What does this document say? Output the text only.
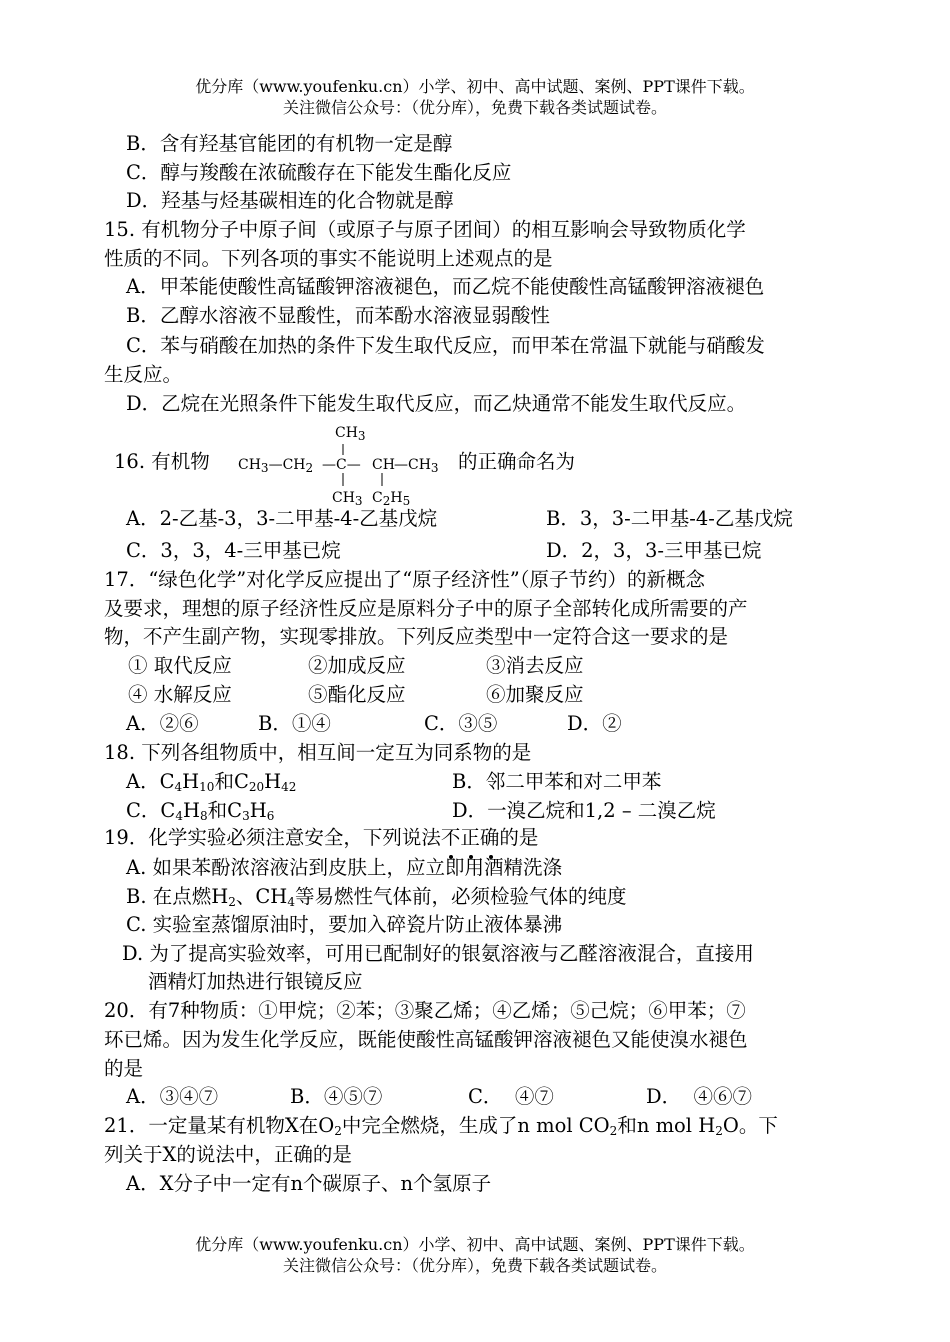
优分库（www.youfenku.cn）小学、初中、高中试题、案例、PPT课件下载。
关注微信公众号：（优分库），免费下载各类试题试卷。
B．含有羟基官能团的有机物一定是醇
C．醇与羧酸在浓硫酸存在下能发生酯化反应
D．羟基与烃基碳相连的化合物就是醇
15. 有机物分子中原子间（或原子与原子团间）的相互影响会导致物质化学
性质的不同。下列各项的事实不能说明上述观点的是
A．甲苯能使酸性高锰酸钾溶液褪色，而乙烷不能使酸性高锰酸钾溶液褪色
B．乙醇水溶液不显酸性，而苯酚水溶液显弱酸性
C．苯与硝酸在加热的条件下发生取代反应，而甲苯在常温下就能与硝酸发
生反应。
D．乙烷在光照条件下能发生取代反应，而乙炔通常不能发生取代反应。
16. 有机物
$CH_3$
$CH_3—CH_2$ —C— CH $—CH_3$
$CH_3$ $C_2H_5$
的正确命名为
A．2-乙基-3，3-二甲基-4-乙基戊烷	B．3，3-二甲基-4-乙基戊烷
C．3，3，4-三甲基已烷	D．2，3，3-三甲基已烷
17．“绿色化学”对化学反应提出了“原子经济性”（原子节约）的新概念
及要求，理想的原子经济性反应是原料分子中的原子全部转化成所需要的产
物，不产生副产物，实现零排放。下列反应类型中一定符合这一要求的是
① 取代反应	②加成反应	③消去反应
④ 水解反应	⑤酯化反应	⑥加聚反应
A．②⑥	B．①④	C．③⑤	D．②
18. 下列各组物质中，相互间一定互为同系物的是
A．$C_4H_{10}$和$C_{20}H_{42}$	B．邻二甲苯和对二甲苯
C．$C_4H_8$和$C_3H_6$	D．一溴乙烷和1,2 – 二溴乙烷
19．化学实验必须注意安全，下列说法不正确
的是
A. 如果苯酚浓溶液沾到皮肤上，应立即用酒精洗涤
B. 在点燃$H_2$、$CH_4$等易燃性气体前，必须检验气体的纯度
C. 实验室蒸馏原油时，要加入碎瓷片防止液体暴沸
D. 为了提高实验效率，可用已配制好的银氨溶液与乙醛溶液混合，直接用
酒精灯加热进行银镜反应
20．有7种物质：①甲烷；②苯；③聚乙烯；④乙烯；⑤己烷；⑥甲苯；⑦
环已烯。因为发生化学反应，既能使酸性高锰酸钾溶液褪色又能使溴水褪色
的是
A．③④⑦	B．④⑤⑦	C．  ④⑦	D．  ④⑥⑦
21．一定量某有机物X在$O_2$中完全燃烧，生成了n mol $CO_2$和n mol $H_2O$。下
列关于X的说法中，正确的是
A．X分子中一定有n个碳原子、n个氢原子
优分库（www.youfenku.cn）小学、初中、高中试题、案例、PPT课件下载。
关注微信公众号：（优分库），免费下载各类试题试卷。
